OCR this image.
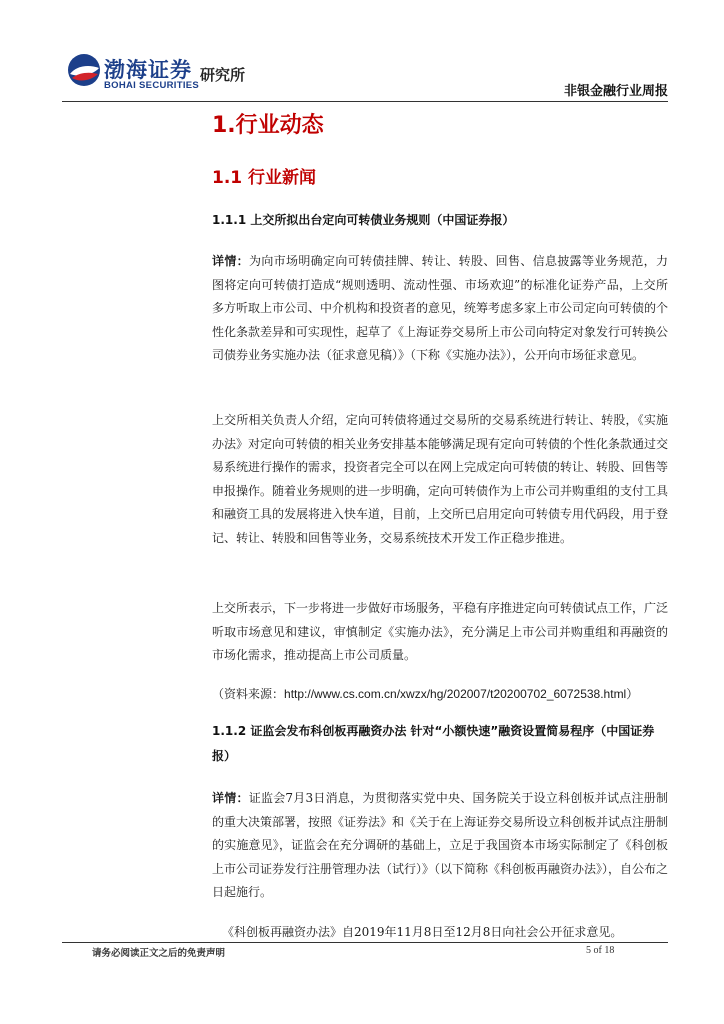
渤海证券
BOHAI SECURITIES
研究所
非银金融行业周报
1.行业动态
1.1 行业新闻

1.1.1 上交所拟出台定向可转债业务规则（中国证券报）

详情：为向市场明确定向可转债挂牌、转让、转股、回售、信息披露等业务规范，力图将定向可转债打造成“规则透明、流动性强、市场欢迎”的标准化证券产品，上交所多方听取上市公司、中介机构和投资者的意见，统筹考虑多家上市公司定向可转债的个性化条款差异和可实现性，起草了《上海证券交易所上市公司向特定对象发行可转换公司债券业务实施办法（征求意见稿）》（下称《实施办法》），公开向市场征求意见。

上交所相关负责人介绍，定向可转债将通过交易所的交易系统进行转让、转股，《实施办法》对定向可转债的相关业务安排基本能够满足现有定向可转债的个性化条款通过交易系统进行操作的需求，投资者完全可以在网上完成定向可转债的转让、转股、回售等申报操作。随着业务规则的进一步明确，定向可转债作为上市公司并购重组的支付工具和融资工具的发展将进入快车道，目前，上交所已启用定向可转债专用代码段，用于登记、转让、转股和回售等业务，交易系统技术开发工作正稳步推进。

上交所表示，下一步将进一步做好市场服务，平稳有序推进定向可转债试点工作，广泛听取市场意见和建议，审慎制定《实施办法》，充分满足上市公司并购重组和再融资的市场化需求，推动提高上市公司质量。

（资料来源：http://www.cs.com.cn/xwzx/hg/202007/t20200702_6072538.html）

1.1.2 证监会发布科创板再融资办法 针对“小额快速”融资设置简易程序（中国证券报）

详情：证监会7月3日消息，为贯彻落实党中央、国务院关于设立科创板并试点注册制的重大决策部署，按照《证券法》和《关于在上海证券交易所设立科创板并试点注册制的实施意见》，证监会在充分调研的基础上，立足于我国资本市场实际制定了《科创板上市公司证券发行注册管理办法（试行）》（以下简称《科创板再融资办法》），自公布之日起施行。

《科创板再融资办法》自2019年11月8日至12月8日向社会公开征求意见。
请务必阅读正文之后的免责声明	5 of 18
